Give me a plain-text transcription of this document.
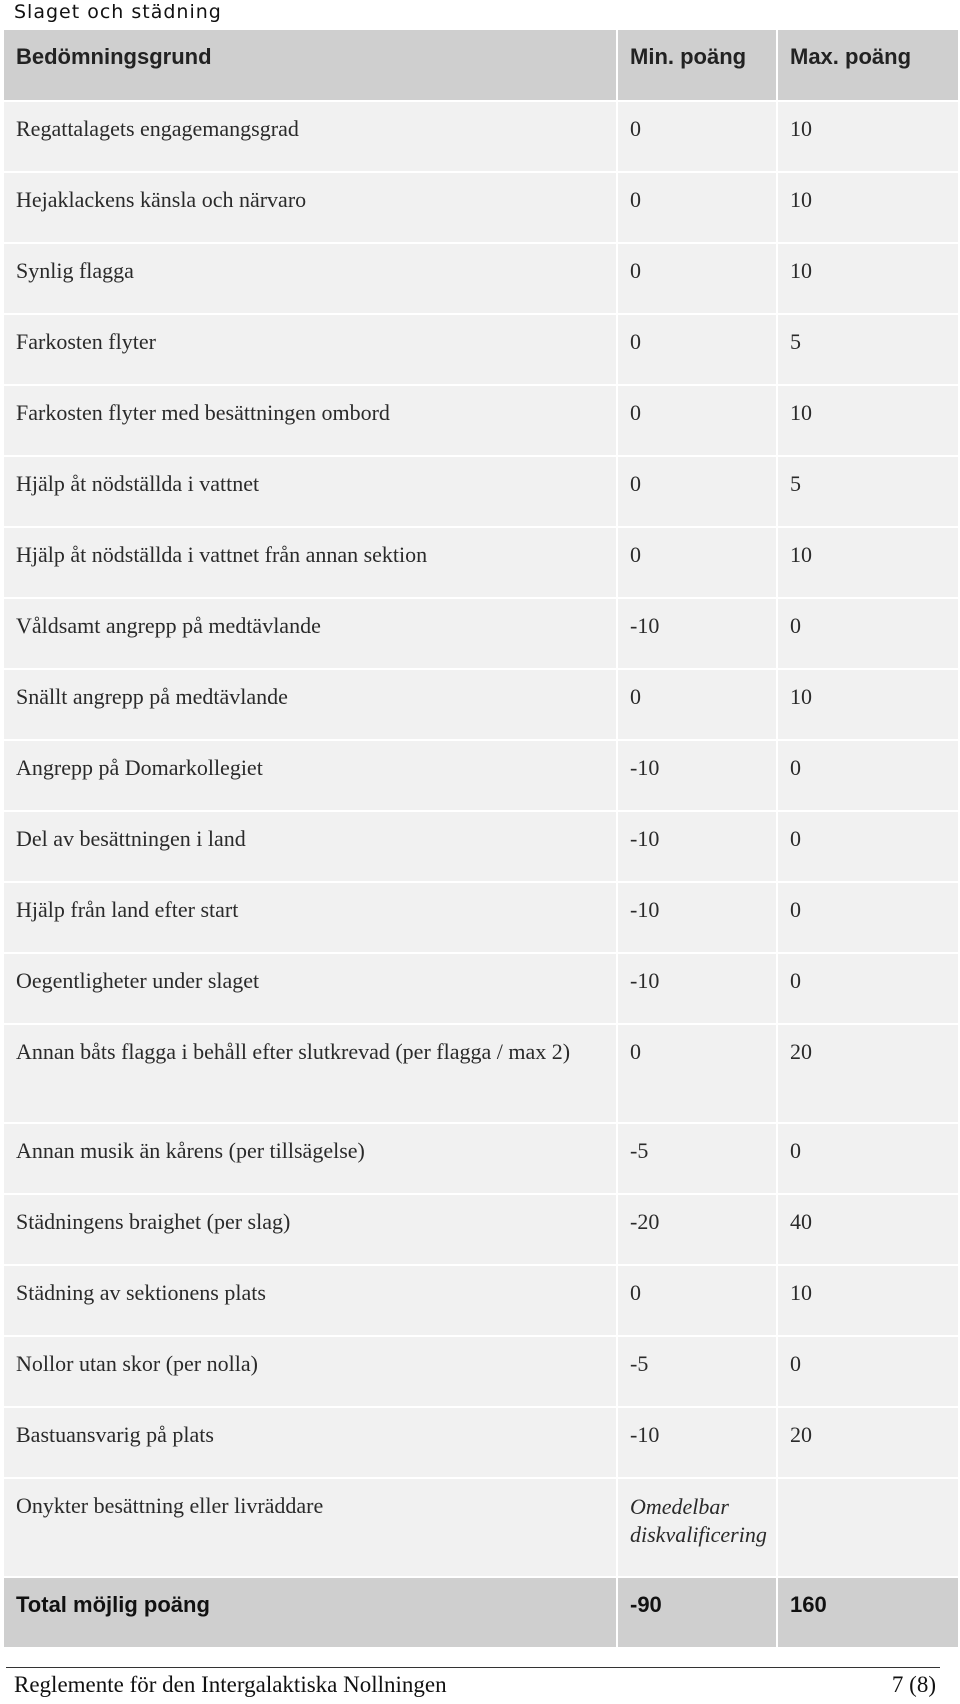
Slaget och städning
Bedömningsgrund	Min. poäng	Max. poäng
Regattalagets engagemangsgrad	0	10
Hejaklackens känsla och närvaro	0	10
Synlig flagga	0	10
Farkosten flyter	0	5
Farkosten flyter med besättningen ombord	0	10
Hjälp åt nödställda i vattnet	0	5
Hjälp åt nödställda i vattnet från annan sektion	0	10
Våldsamt angrepp på medtävlande	-10	0
Snällt angrepp på medtävlande	0	10
Angrepp på Domarkollegiet	-10	0
Del av besättningen i land	-10	0
Hjälp från land efter start	-10	0
Oegentligheter under slaget	-10	0
Annan båts flagga i behåll efter slutkrevad (per flagga / max 2)	0	20
Annan musik än kårens (per tillsägelse)	-5	0
Städningens braighet (per slag)	-20	40
Städning av sektionens plats	0	10
Nollor utan skor (per nolla)	-5	0
Bastuansvarig på plats	-10	20
Onykter besättning eller livräddare	Omedelbar diskvalificering	
Total möjlig poäng	-90	160
Reglemente för den Intergalaktiska Nollningen	7 (8)
